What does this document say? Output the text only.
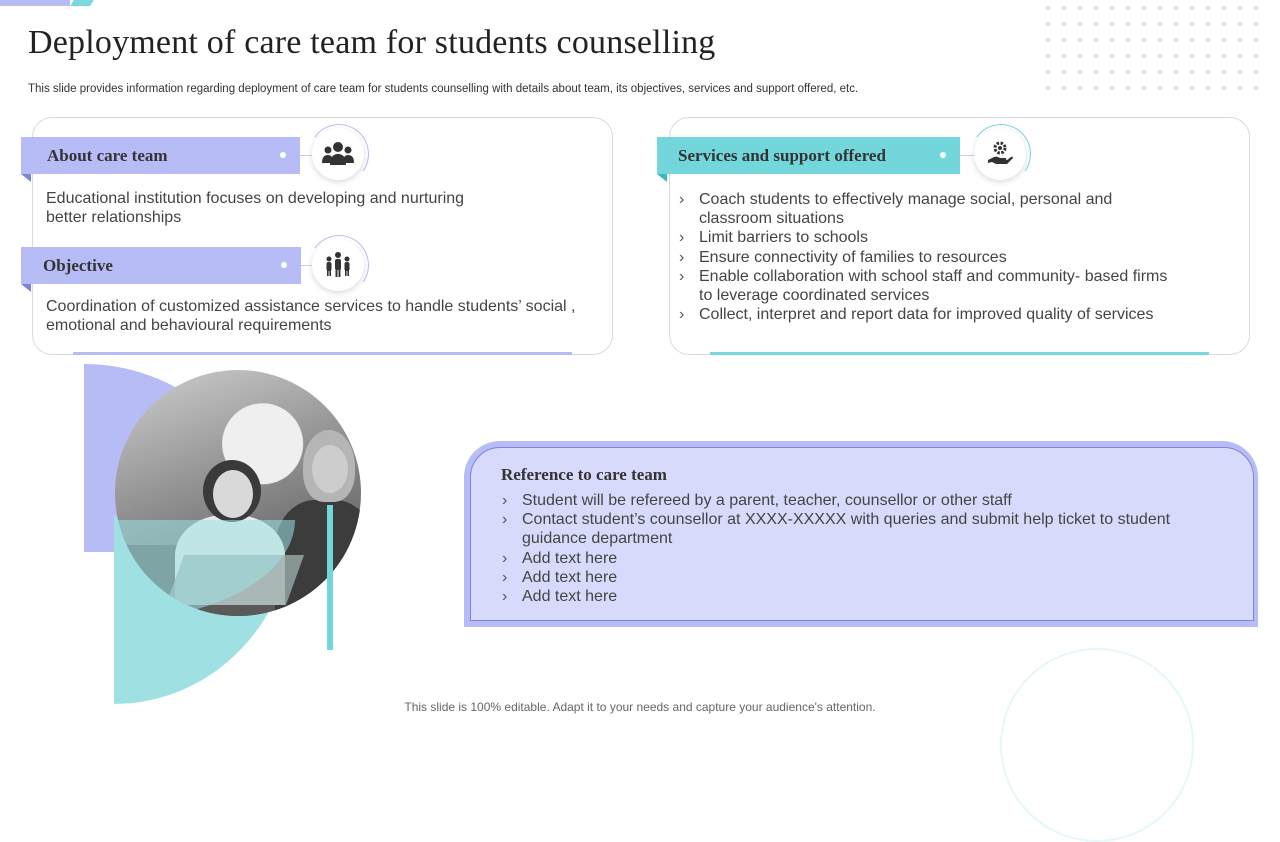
Deployment of care team for students counselling
This slide provides information regarding deployment of care team for students counselling with details about team, its objectives, services and support offered, etc.
About care team
Educational institution focuses on developing and nurturing better relationships
Objective
Coordination of customized assistance services to handle students’ social , emotional and behavioural requirements
Services and support offered
› Coach students to effectively manage social, personal and classroom situations
› Limit barriers to schools
› Ensure connectivity of families to resources
› Enable collaboration with school staff and community- based firms to leverage coordinated services
› Collect, interpret and report data for improved quality of services
Reference to care team
› Student will be refereed by a parent, teacher, counsellor or other staff
› Contact student’s counsellor at XXXX-XXXXX with queries and submit help ticket to student guidance department
› Add text here
› Add text here
› Add text here
This slide is 100% editable. Adapt it to your needs and capture your audience's attention.
